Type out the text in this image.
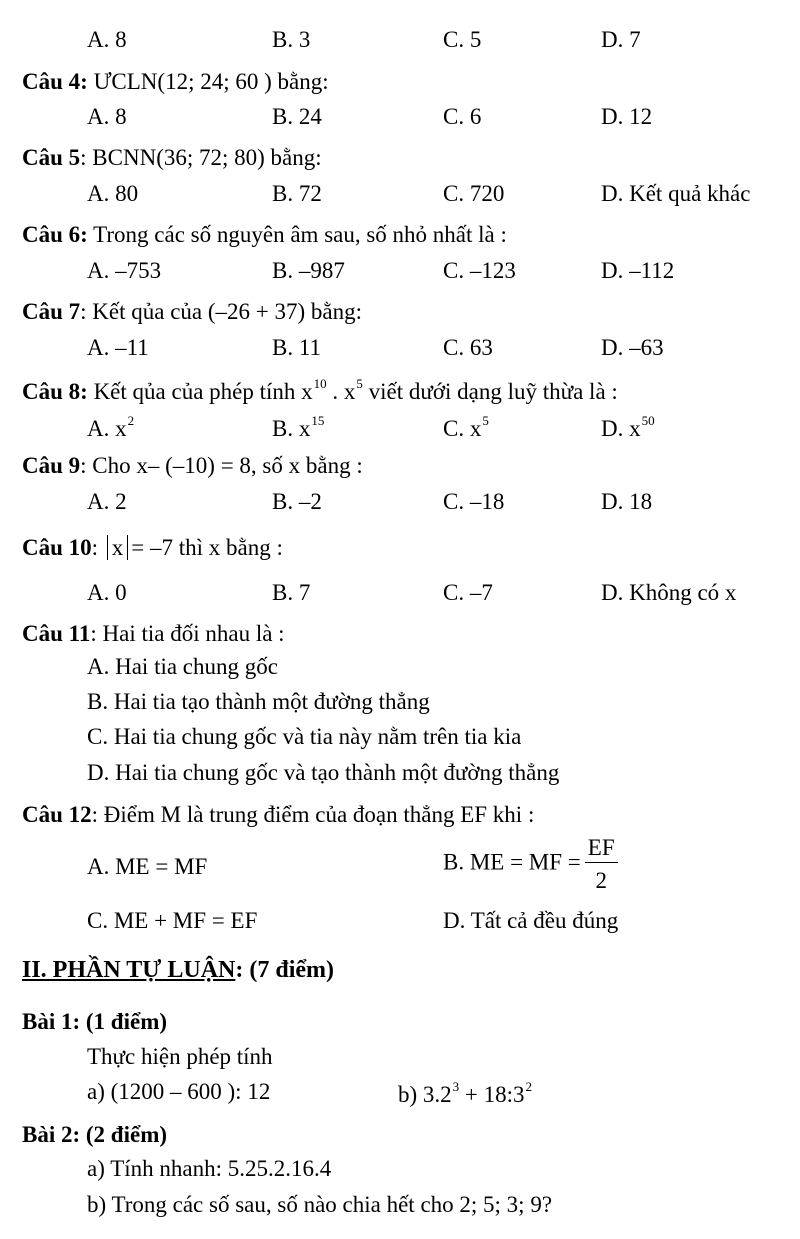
A. 8	B. 3	C. 5	D. 7
Câu 4: ƯCLN(12; 24; 60 ) bằng:
A. 8	B. 24	C. 6	D. 12
Câu 5: BCNN(36; 72; 80) bằng:
A. 80	B. 72	C. 720	D. Kết quả khác
Câu 6: Trong các số nguyên âm sau, số nhỏ nhất là :
A. –753	B. –987	C. –123	D. –112
Câu 7: Kết qủa của (–26 + 37) bằng:
A. –11	B. 11	C. 63	D. –63
Câu 8: Kết qủa của phép tính $x^{10}$ . $x^5$ viết dưới dạng luỹ thừa là :
A. $x^2$	B. $x^{15}$	C. $x^5$	D. $x^{50}$
Câu 9: Cho x– (–10) = 8, số x bằng :
A. 2	B. –2	C. –18	D. 18
Câu 10: x = –7 thì x bằng :
A. 0	B. 7	C. –7	D. Không có x
Câu 11: Hai tia đối nhau là :
A. Hai tia chung gốc
B. Hai tia tạo thành một đường thẳng
C. Hai tia chung gốc và tia này nằm trên tia kia
D. Hai tia chung gốc và tạo thành một đường thẳng
Câu 12: Điểm M là trung điểm của đoạn thẳng EF khi :
A. ME = MF	B. ME = MF = $\frac{EF}{2}$
C. ME + MF = EF	D. Tất cả đều đúng
II. PHẦN TỰ LUẬN: (7 điểm)
Bài 1: (1 điểm)
Thực hiện phép tính
a) (1200 – 600 ): 12	b) $3.2^3$ + $18:3^2$
Bài 2: (2 điểm)
a) Tính nhanh: 5.25.2.16.4
b) Trong các số sau, số nào chia hết cho 2; 5; 3; 9?
